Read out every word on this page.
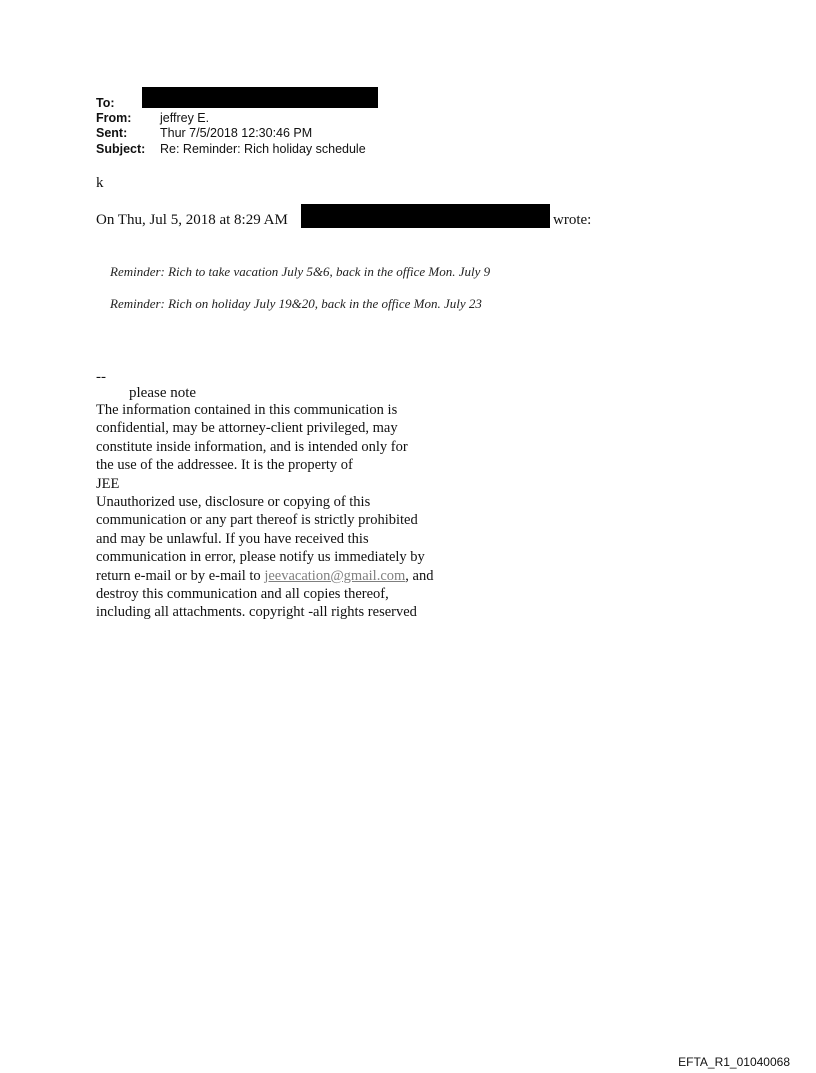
To:
From: jeffrey E.
Sent:	Thur 7/5/2018 12:30:46 PM
Subject: Re: Reminder: Rich holiday schedule
k
On Thu, Jul 5, 2018 at 8:29 AM	wrote:
Reminder: Rich to take vacation July 5&6, back in the office Mon. July 9
Reminder: Rich on holiday July 19&20, back in the office Mon. July 23
--
please note
The information contained in this communication is
confidential, may be attorney-client privileged, may
constitute inside information, and is intended only for
the use of the addressee. It is the property of
JEE
Unauthorized use, disclosure or copying of this
communication or any part thereof is strictly prohibited
and may be unlawful. If you have received this
communication in error, please notify us immediately by
return e-mail or by e-mail to jeevacation@gmail.com, and
destroy this communication and all copies thereof,
including all attachments. copyright -all rights reserved
EFTA_R1_01040068
